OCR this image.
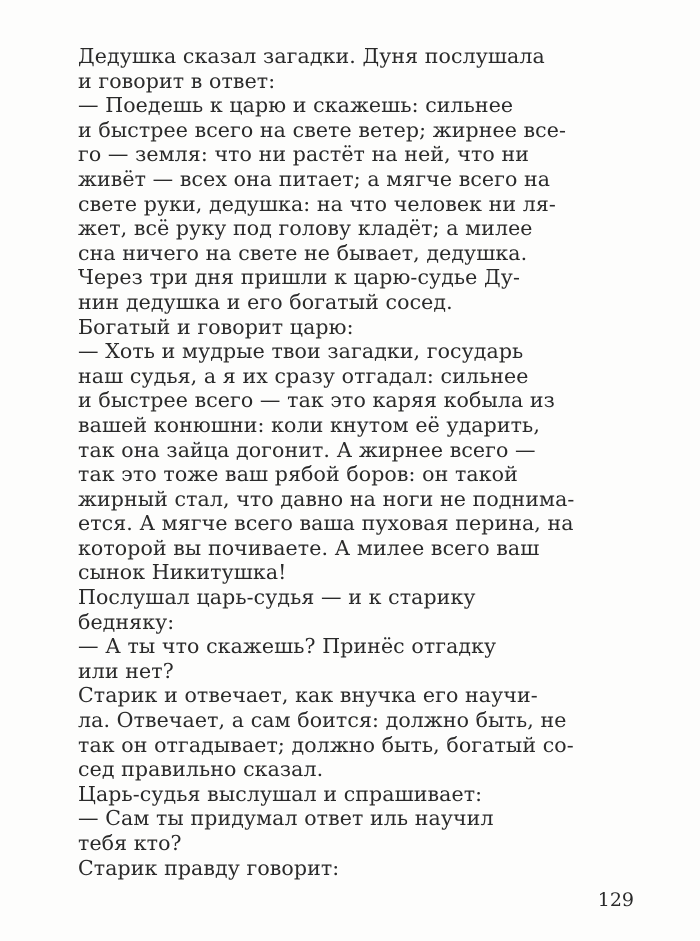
Дедушка сказал загадки. Дуня послушала
и говорит в ответ:

— Поедешь к царю и скажешь: сильнее
и быстрее всего на свете ветер; жирнее все-
го — земля: что ни растёт на ней, что ни
живёт — всех она питает; а мягче всего на
свете руки, дедушка: на что человек ни ля-
жет, всё руку под голову кладёт; а милее
сна ничего на свете не бывает, дедушка.

Через три дня пришли к царю-судье Ду-
нин дедушка и его богатый сосед.

Богатый и говорит царю:

— Хоть и мудрые твои загадки, государь
наш судья, а я их сразу отгадал: сильнее
и быстрее всего — так это каряя кобыла из
вашей конюшни: коли кнутом её ударить,
так она зайца догонит. А жирнее всего —
так это тоже ваш рябой боров: он такой
жирный стал, что давно на ноги не поднима-
ется. А мягче всего ваша пуховая перина, на
которой вы почиваете. А милее всего ваш
сынок Никитушка!

Послушал царь-судья — и к старику
бедняку:

— А ты что скажешь? Принёс отгадку
или нет?

Старик и отвечает, как внучка его научи-
ла. Отвечает, а сам боится: должно быть, не
так он отгадывает; должно быть, богатый со-
сед правильно сказал.

Царь-судья выслушал и спрашивает:

— Сам ты придумал ответ иль научил
тебя кто?

Старик правду говорит:

129
